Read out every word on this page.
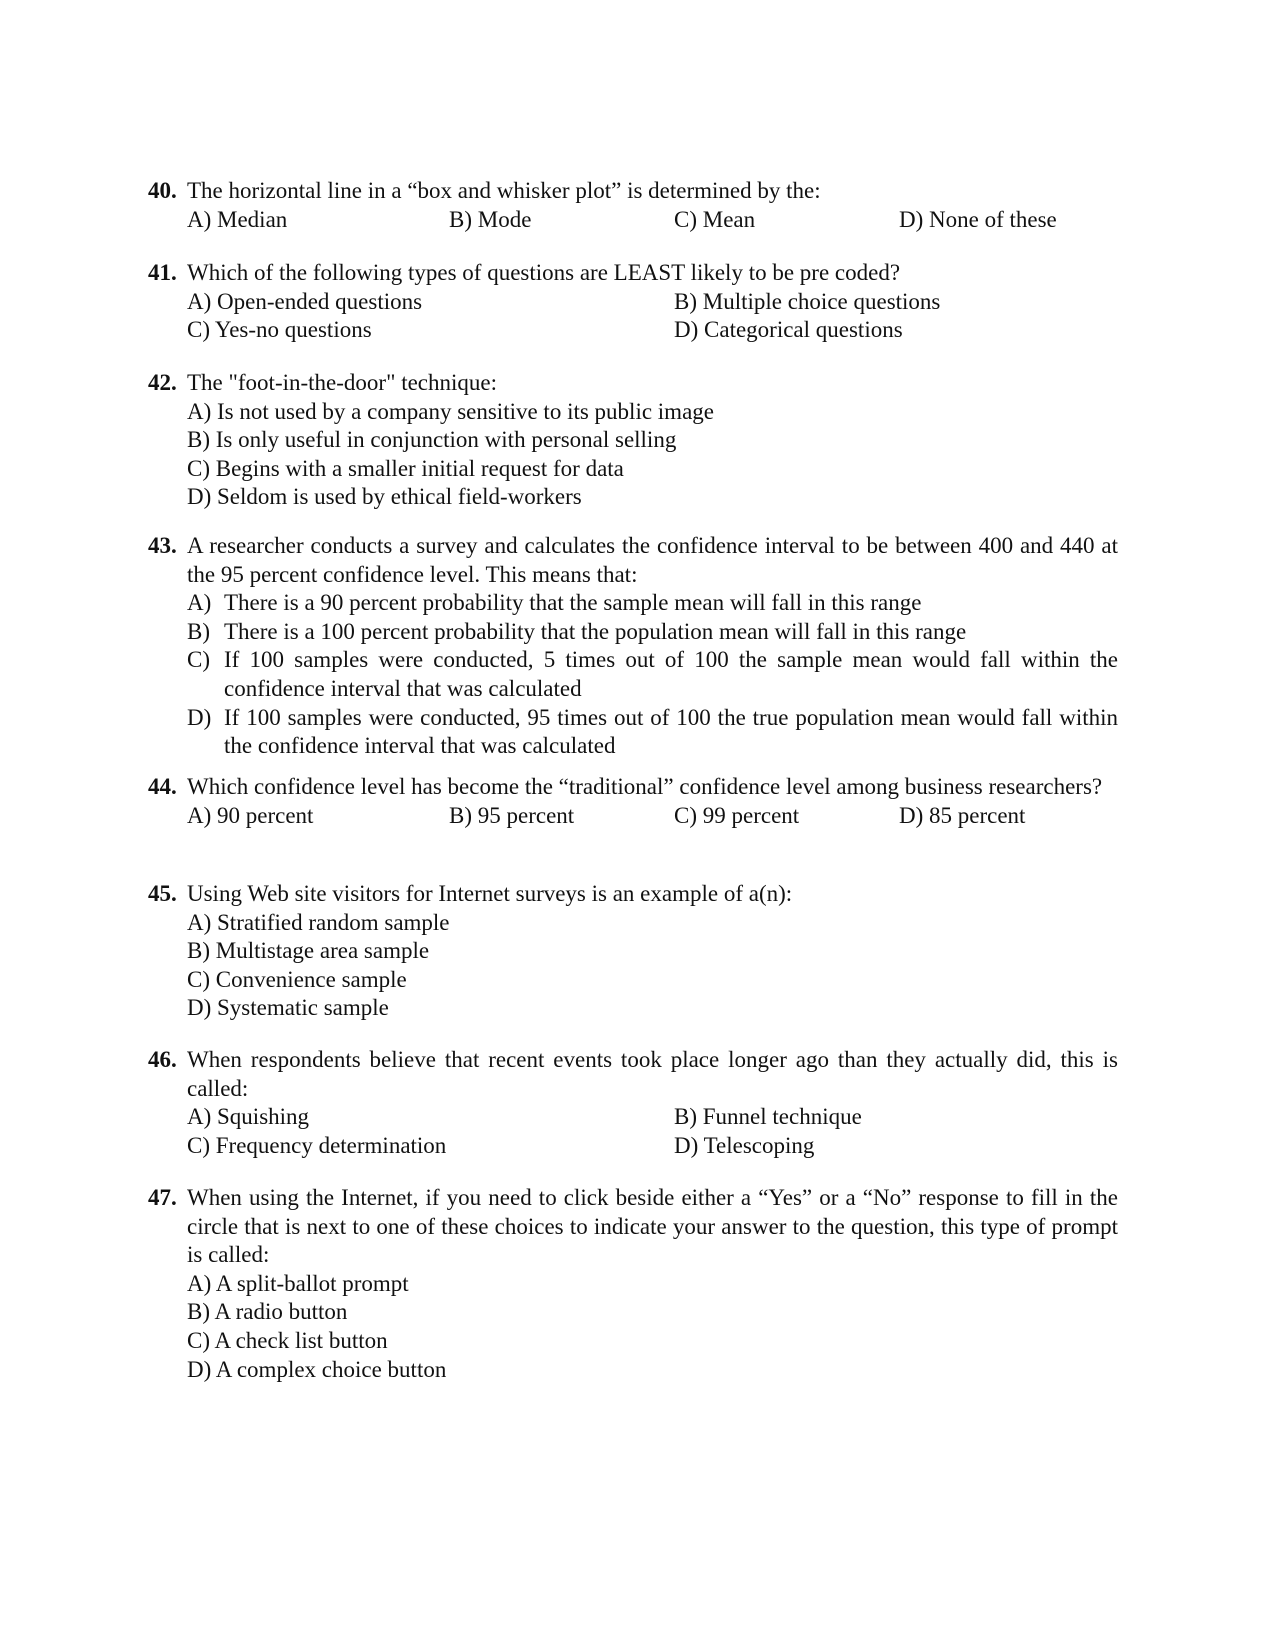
40. The horizontal line in a “box and whisker plot” is determined by the:
A) Median	B) Mode	C) Mean	D) None of these
41. Which of the following types of questions are LEAST likely to be pre coded?
A) Open-ended questions	B) Multiple choice questions
C) Yes-no questions	D) Categorical questions
42. The "foot-in-the-door" technique:
A) Is not used by a company sensitive to its public image
B) Is only useful in conjunction with personal selling
C) Begins with a smaller initial request for data
D) Seldom is used by ethical field-workers
43. A researcher conducts a survey and calculates the confidence interval to be between 400 and 440 at the 95 percent confidence level. This means that:
A) There is a 90 percent probability that the sample mean will fall in this range
B) There is a 100 percent probability that the population mean will fall in this range
C) If 100 samples were conducted, 5 times out of 100 the sample mean would fall within the confidence interval that was calculated
D) If 100 samples were conducted, 95 times out of 100 the true population mean would fall within the confidence interval that was calculated
44. Which confidence level has become the “traditional” confidence level among business researchers?
A) 90 percent	B) 95 percent	C) 99 percent	D) 85 percent
45. Using Web site visitors for Internet surveys is an example of a(n):
A) Stratified random sample
B) Multistage area sample
C) Convenience sample
D) Systematic sample
46. When respondents believe that recent events took place longer ago than they actually did, this is called:
A) Squishing	B) Funnel technique
C) Frequency determination	D) Telescoping
47. When using the Internet, if you need to click beside either a “Yes” or a “No” response to fill in the circle that is next to one of these choices to indicate your answer to the question, this type of prompt is called:
A) A split-ballot prompt
B) A radio button
C) A check list button
D) A complex choice button
